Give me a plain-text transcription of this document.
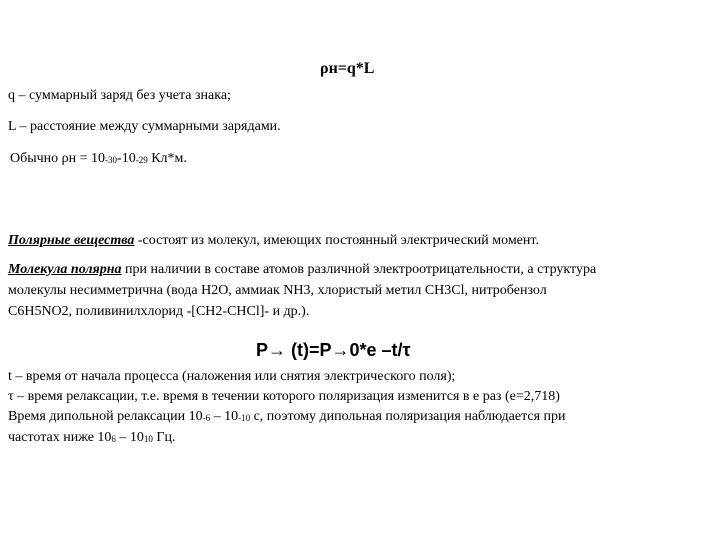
ρн=q*L
q – суммарный заряд без учета знака;
L – расстояние между суммарными зарядами.
Обычно $\rho н = 10_{-30}-10_{-29}$ Кл*м.
Полярные вещества -состоят из молекул, имеющих постоянный электрический момент.
Молекула полярна при наличии в составе атомов различной электроотрицательности, а структура
молекулы несимметрична (вода H2O, аммиак NH3, хлористый метил CH3Cl, нитробензол
C6H5NO2, поливинилхлорид -[CH2-CHCl]- и др.).
P→ (t)=P→0*e –t/τ
t – время от начала процесса (наложения или снятия электрического поля);
τ – время релаксации, т.е. время в течении которого поляризация изменится в е раз (е=2,718)
Время дипольной релаксации $10_{-6} - 10_{-10}$ с, поэтому дипольная поляризация наблюдается при
частотах ниже $10_6 - 10_{10}$ Гц.
